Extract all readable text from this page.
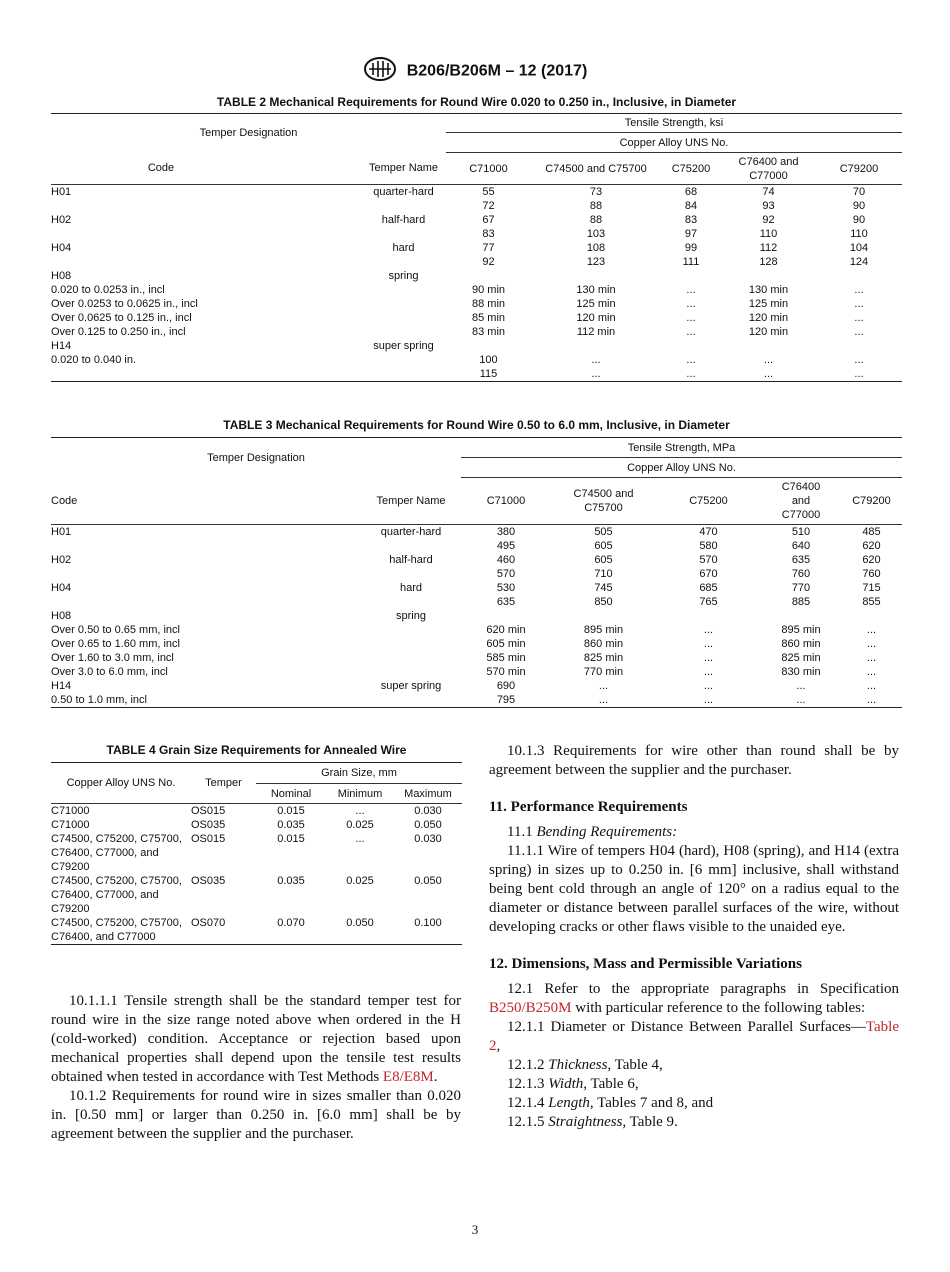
B206/B206M – 12 (2017)
TABLE 2 Mechanical Requirements for Round Wire 0.020 to 0.250 in., Inclusive, in Diameter
Temper Designation		Tensile Strength, ksi				
		Copper Alloy UNS No.				
Code	Temper Name	C71000	C74500 and C75700	C75200	C76400 and C77000	C79200
H01	quarter-hard	55	73	68	74	70
		72	88	84	93	90
H02	half-hard	67	88	83	92	90
		83	103	97	110	110
H04	hard	77	108	99	112	104
		92	123	111	128	124
H08	spring					
0.020 to 0.0253 in., incl		90 min	130 min	...	130 min	...
Over 0.0253 to 0.0625 in., incl		88 min	125 min	...	125 min	...
Over 0.0625 to 0.125 in., incl		85 min	120 min	...	120 min	...
Over 0.125 to 0.250 in., incl		83 min	112 min	...	120 min	...
H14	super spring					
0.020 to 0.040 in.		100	...	...	...	...
		115	...	...	...	...
TABLE 3 Mechanical Requirements for Round Wire 0.50 to 6.0 mm, Inclusive, in Diameter
Temper Designation		Tensile Strength, MPa				
		Copper Alloy UNS No.				
Code	Temper Name	C71000	C74500 and C75700	C75200	C76400 and C77000	C79200
H01	quarter-hard	380	505	470	510	485
		495	605	580	640	620
H02	half-hard	460	605	570	635	620
		570	710	670	760	760
H04	hard	530	745	685	770	715
		635	850	765	885	855
H08	spring					
Over 0.50 to 0.65 mm, incl		620 min	895 min	...	895 min	...
Over 0.65 to 1.60 mm, incl		605 min	860 min	...	860 min	...
Over 1.60 to 3.0 mm, incl		585 min	825 min	...	825 min	...
Over 3.0 to 6.0 mm, incl		570 min	770 min	...	830 min	...
H14	super spring	690	...	...	...	...
0.50 to 1.0 mm, incl		795	...	...	...	...
TABLE 4 Grain Size Requirements for Annealed Wire
Copper Alloy UNS No.	Temper	Grain Size, mm		
		Nominal	Minimum	Maximum
C71000	OS015	0.015	...	0.030
C71000	OS035	0.035	0.025	0.050
C74500, C75200, C75700, C76400, C77000, and C79200	OS015	0.015	...	0.030
C74500, C75200, C75700, C76400, C77000, and C79200	OS035	0.035	0.025	0.050
C74500, C75200, C75700, C76400, and C77000	OS070	0.070	0.050	0.100

10.1.1.1 Tensile strength shall be the standard temper test for round wire in the size range noted above when ordered in the H (cold-worked) condition. Acceptance or rejection based upon mechanical properties shall depend upon the tensile test results obtained when tested in accordance with Test Methods E8/E8M.

10.1.2 Requirements for round wire in sizes smaller than 0.020 in. [0.50 mm] or larger than 0.250 in. [6.0 mm] shall be by agreement between the supplier and the purchaser.

10.1.3 Requirements for wire other than round shall be by agreement between the supplier and the purchaser.

11. Performance Requirements

11.1 Bending Requirements:

11.1.1 Wire of tempers H04 (hard), H08 (spring), and H14 (extra spring) in sizes up to 0.250 in. [6 mm] inclusive, shall withstand being bent cold through an angle of 120° on a radius equal to the diameter or distance between parallel surfaces of the wire, without developing cracks or other flaws visible to the unaided eye.

12. Dimensions, Mass and Permissible Variations

12.1 Refer to the appropriate paragraphs in Specification B250/B250M with particular reference to the following tables:

12.1.1 Diameter or Distance Between Parallel Surfaces—Table 2,

12.1.2 Thickness, Table 4,

12.1.3 Width, Table 6,

12.1.4 Length, Tables 7 and 8, and

12.1.5 Straightness, Table 9.

3
